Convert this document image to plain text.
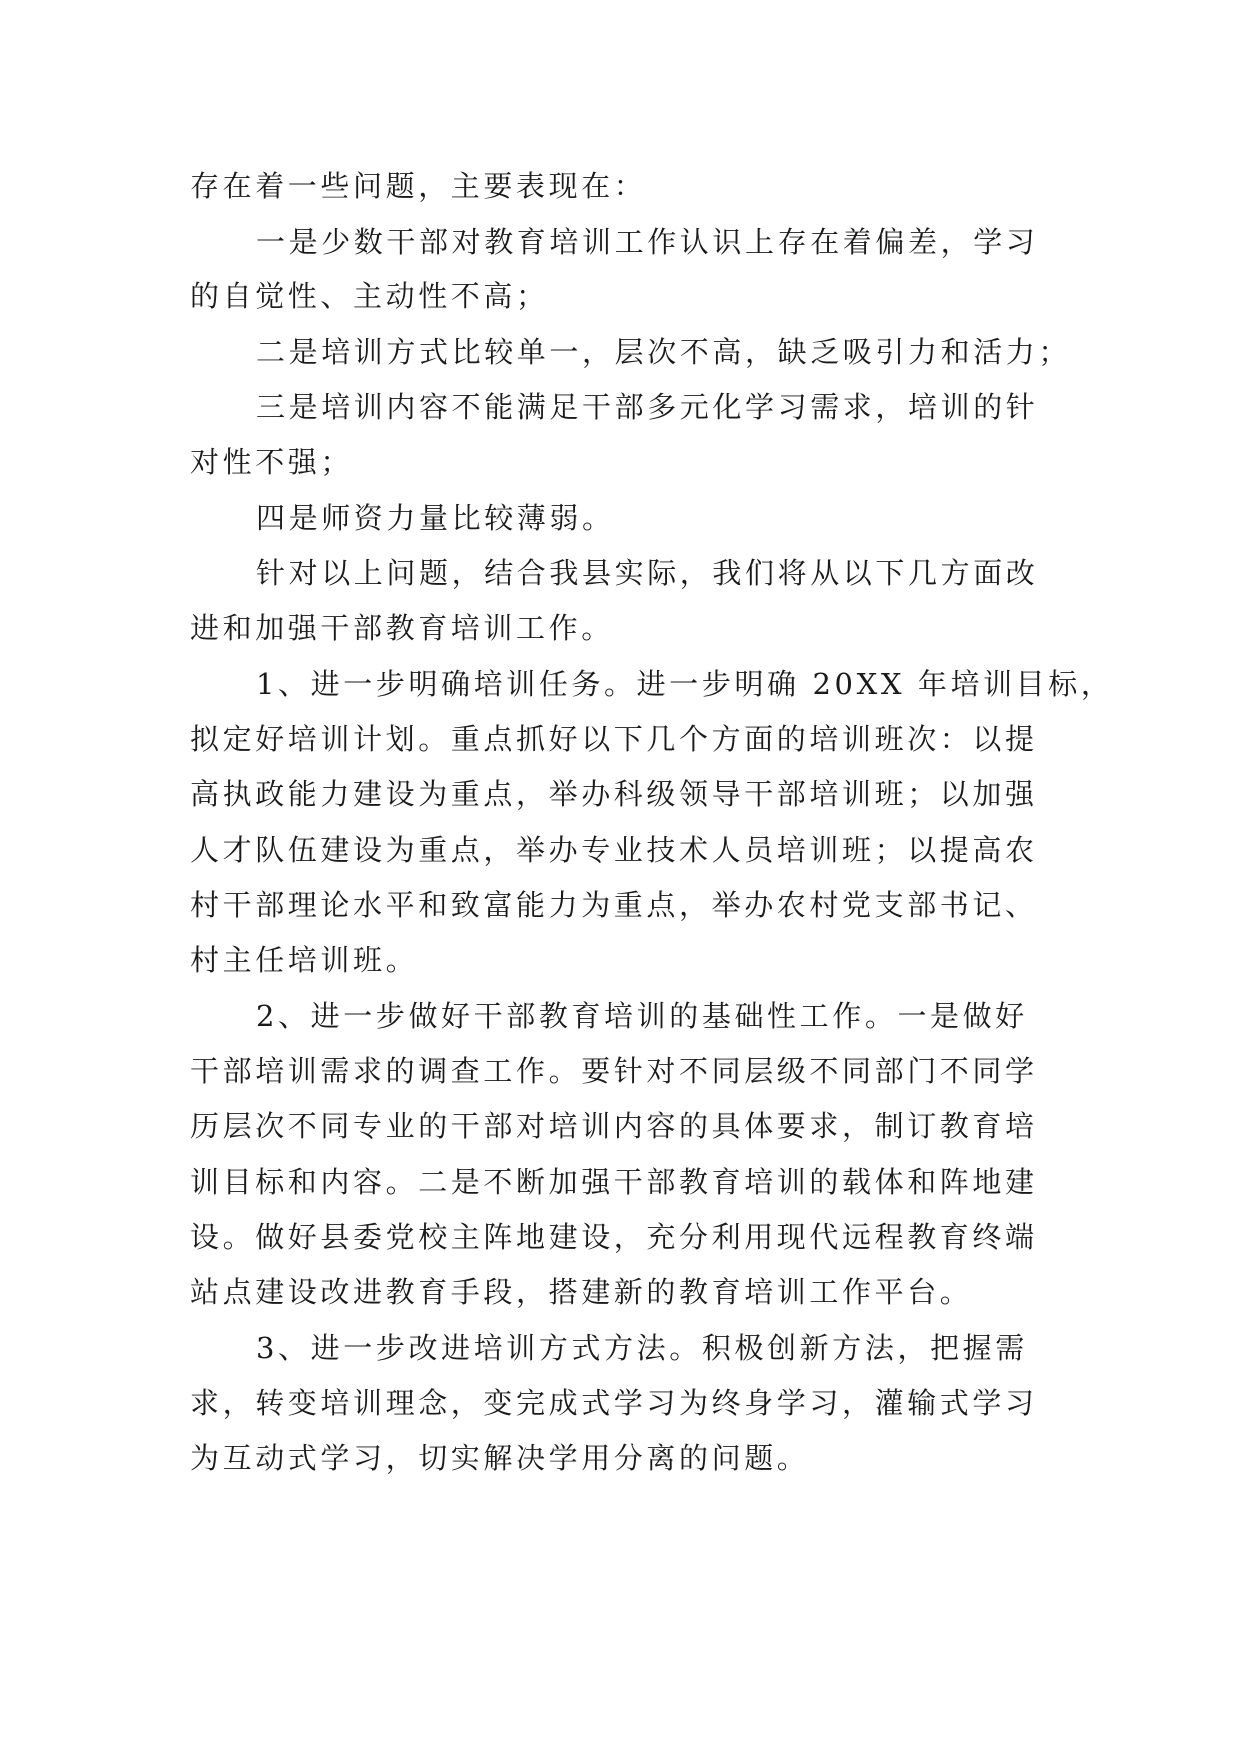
存在着一些问题，主要表现在：
一是少数干部对教育培训工作认识上存在着偏差，学习
的自觉性、主动性不高；
二是培训方式比较单一，层次不高，缺乏吸引力和活力；
三是培训内容不能满足干部多元化学习需求，培训的针
对性不强；
四是师资力量比较薄弱。
针对以上问题，结合我县实际，我们将从以下几方面改
进和加强干部教育培训工作。
1、进一步明确培训任务。进一步明确 20XX 年培训目标，
拟定好培训计划。重点抓好以下几个方面的培训班次：以提
高执政能力建设为重点，举办科级领导干部培训班；以加强
人才队伍建设为重点，举办专业技术人员培训班；以提高农
村干部理论水平和致富能力为重点，举办农村党支部书记、
村主任培训班。
2、进一步做好干部教育培训的基础性工作。一是做好
干部培训需求的调查工作。要针对不同层级不同部门不同学
历层次不同专业的干部对培训内容的具体要求，制订教育培
训目标和内容。二是不断加强干部教育培训的载体和阵地建
设。做好县委党校主阵地建设，充分利用现代远程教育终端
站点建设改进教育手段，搭建新的教育培训工作平台。
3、进一步改进培训方式方法。积极创新方法，把握需
求，转变培训理念，变完成式学习为终身学习，灌输式学习
为互动式学习，切实解决学用分离的问题。
